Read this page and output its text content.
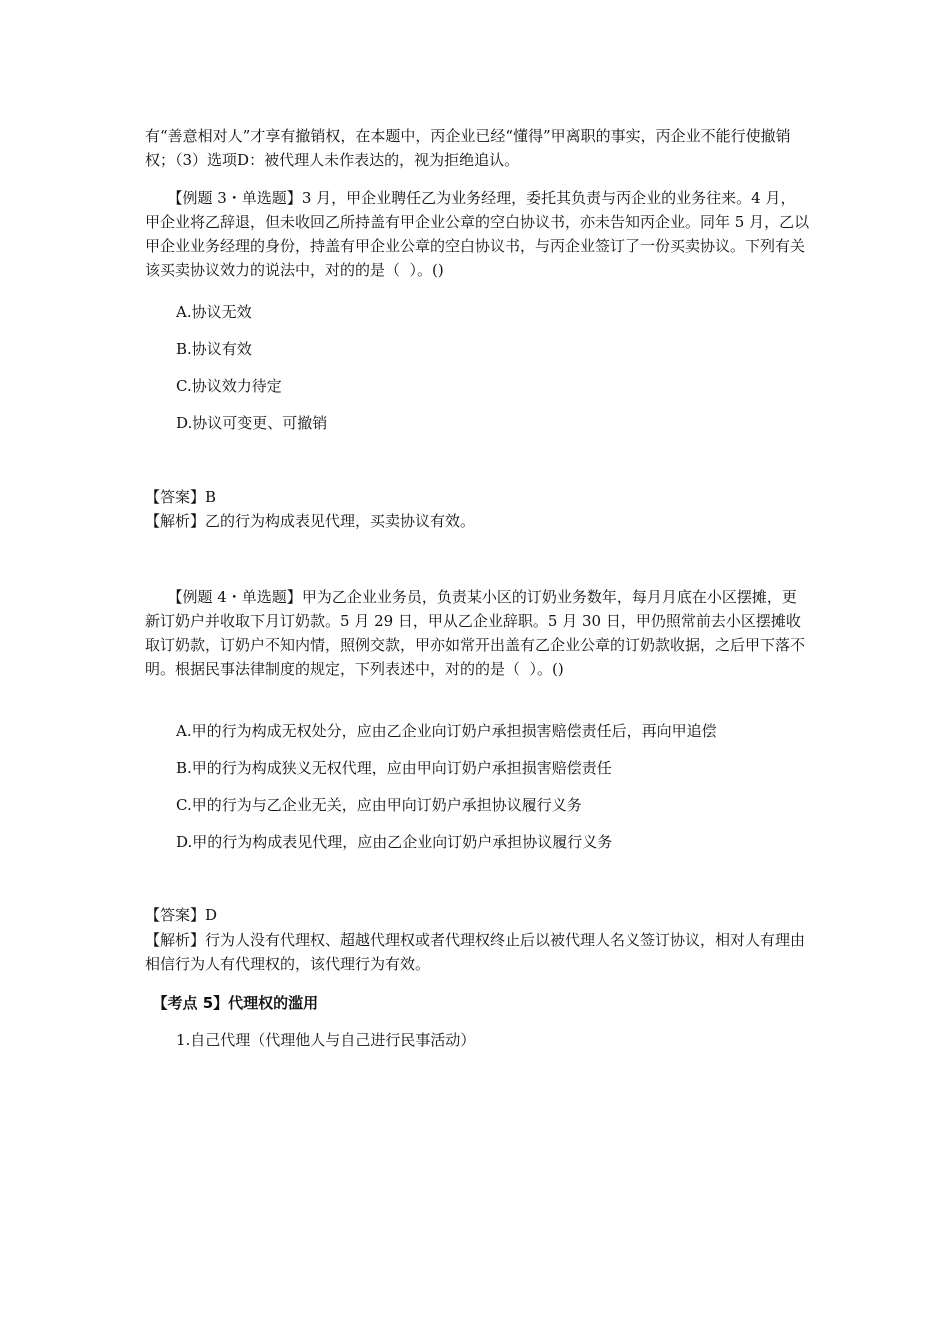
有“善意相对人”才享有撤销权，在本题中，丙企业已经“懂得”甲离职的事实，丙企业不能行使撤销权；（3）选项D：被代理人未作表达的，视为拒绝追认。

　　【例题 3・单选题】3 月，甲企业聘任乙为业务经理，委托其负责与丙企业的业务往来。4 月，甲企业将乙辞退，但未收回乙所持盖有甲企业公章的空白协议书，亦未告知丙企业。同年 5 月，乙以甲企业业务经理的身份，持盖有甲企业公章的空白协议书，与丙企业签订了一份买卖协议。下列有关该买卖协议效力的说法中，对的的是（  ）。()

A.协议无效

B.协议有效

C.协议效力待定

D.协议可变更、可撤销

【答案】B

【解析】乙的行为构成表见代理，买卖协议有效。

　　【例题 4・单选题】甲为乙企业业务员，负责某小区的订奶业务数年，每月月底在小区摆摊，更新订奶户并收取下月订奶款。5 月 29 日，甲从乙企业辞职。5 月 30 日，甲仍照常前去小区摆摊收取订奶款，订奶户不知内情，照例交款，甲亦如常开出盖有乙企业公章的订奶款收据，之后甲下落不明。根据民事法律制度的规定，下列表述中，对的的是（  ）。()

A.甲的行为构成无权处分，应由乙企业向订奶户承担损害赔偿责任后，再向甲追偿

B.甲的行为构成狭义无权代理，应由甲向订奶户承担损害赔偿责任

C.甲的行为与乙企业无关，应由甲向订奶户承担协议履行义务

D.甲的行为构成表见代理，应由乙企业向订奶户承担协议履行义务

【答案】D

【解析】行为人没有代理权、超越代理权或者代理权终止后以被代理人名义签订协议，相对人有理由相信行为人有代理权的，该代理行为有效。

　【考点 5】代理权的滥用

1.自己代理（代理他人与自己进行民事活动）
